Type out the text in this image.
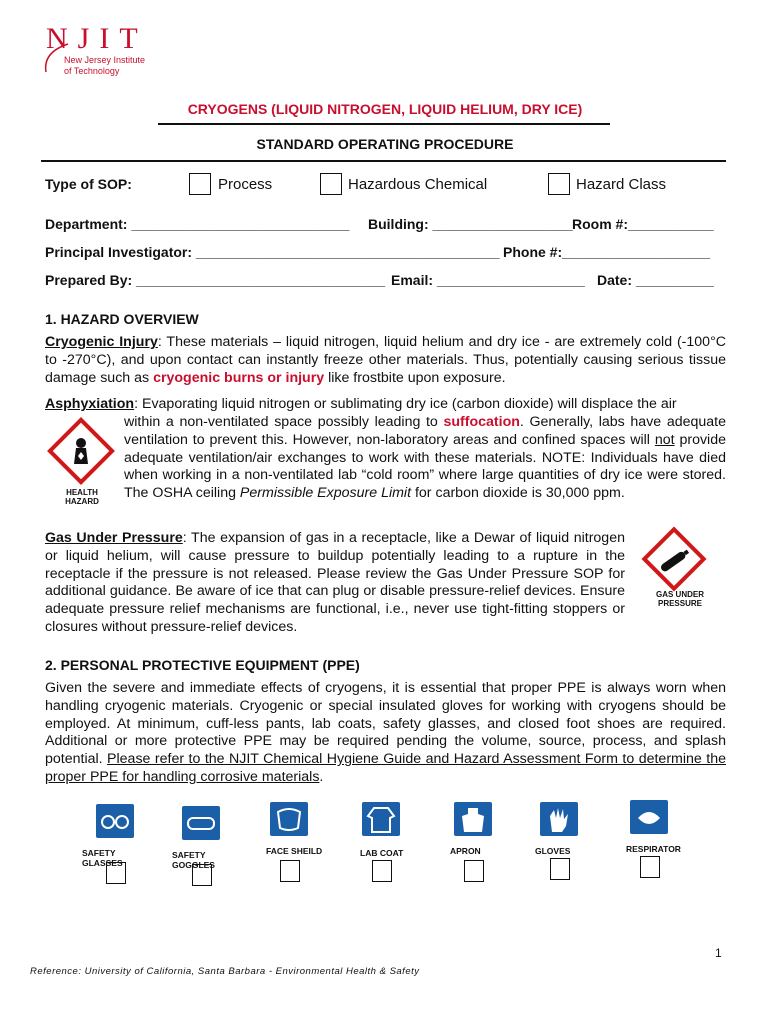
NJIT
New Jersey Institute
of Technology
CRYOGENS (LIQUID NITROGEN, LIQUID HELIUM, DRY ICE)
STANDARD OPERATING PROCEDURE
Type of SOP:	Process	Hazardous Chemical	Hazard Class
Department: ____________________________ Building: __________________ Room #:___________
Principal Investigator: _______________________________________ Phone #:___________________
Prepared By: ________________________________ Email: ___________________ Date: __________
1. HAZARD OVERVIEW
Cryogenic Injury: These materials – liquid nitrogen, liquid helium and dry ice - are extremely cold (-100°C to -270°C), and upon contact can instantly freeze other materials. Thus, potentially causing serious tissue damage such as cryogenic burns or injury like frostbite upon exposure.
Asphyxiation: Evaporating liquid nitrogen or sublimating dry ice (carbon dioxide) will displace the air
HEALTH
HAZARD
within a non-ventilated space possibly leading to suffocation. Generally, labs have adequate ventilation to prevent this. However, non-laboratory areas and confined spaces will not provide adequate ventilation/air exchanges to work with these materials. NOTE: Individuals have died when working in a non-ventilated lab “cold room” where large quantities of dry ice were stored. The OSHA ceiling Permissible Exposure Limit for carbon dioxide is 30,000 ppm.
Gas Under Pressure: The expansion of gas in a receptacle, like a Dewar of liquid nitrogen or liquid helium, will cause pressure to buildup potentially leading to a rupture in the receptacle if the pressure is not released. Please review the Gas Under Pressure SOP for additional guidance. Be aware of ice that can plug or disable pressure-relief devices. Ensure adequate pressure relief mechanisms are functional, i.e., never use tight-fitting stoppers or closures without pressure-relief devices.
GAS UNDER
PRESSURE
2. PERSONAL PROTECTIVE EQUIPMENT (PPE)
Given the severe and immediate effects of cryogens, it is essential that proper PPE is always worn when handling cryogenic materials. Cryogenic or special insulated gloves for working with cryogens should be employed. At minimum, cuff-less pants, lab coats, safety glasses, and closed foot shoes are required. Additional or more protective PPE may be required pending the volume, source, process, and splash potential. Please refer to the NJIT Chemical Hygiene Guide and Hazard Assessment Form to determine the proper PPE for handling corrosive materials.
SAFETY GLASSES
SAFETY GOGGLES
FACE SHEILD	LAB COAT	APRON	GLOVES	RESPIRATOR
1
Reference: University of California, Santa Barbara - Environmental Health & Safety
